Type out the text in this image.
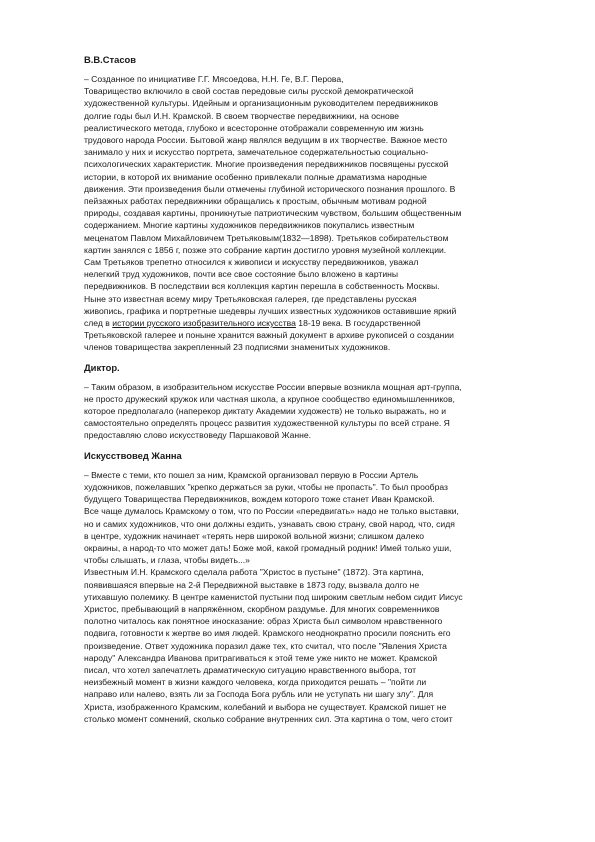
В.В.Стасов
– Созданное по инициативе Г.Г. Мясоедова, Н.Н. Ге, В.Г. Перова,
Товарищество включило в свой состав передовые силы русской демократической
художественной культуры. Идейным и организационным руководителем передвижников
долгие годы был И.Н. Крамской. В своем творчестве передвижники, на основе
реалистического метода, глубоко и всесторонне отображали современную им жизнь
трудового народа России. Бытовой жанр являлся ведущим в их творчестве. Важное место
занимало у них и искусство портрета, замечательное содержательностью социально-
психологических характеристик. Многие произведения передвижников посвящены русской
истории, в которой их внимание особенно привлекали полные драматизма народные
движения. Эти произведения были отмечены глубиной исторического познания прошлого. В
пейзажных работах передвижники обращались к простым, обычным мотивам родной
природы, создавая картины, проникнутые патриотическим чувством, большим общественным
содержанием. Многие картины художников передвижников покупались известным
меценатом Павлом Михайловичем Третьяковым(1832—1898). Третьяков собирательством
картин занялся с 1856 г, позже это собрание картин достигло уровня музейной коллекции.
Сам Третьяков трепетно относился к живописи и искусству передвижников, уважал
нелегкий труд художников, почти все свое состояние было вложено в картины
передвижников. В последствии вся коллекция картин перешла в собственность Москвы.
Ныне это известная всему миру Третьяковская галерея, где представлены русская
живопись, графика и портретные шедевры лучших известных художников оставившие яркий
след в истории русского изобразительного искусства 18-19 века. В государственной
Третьяковской галерее и поныне хранится важный документ в архиве рукописей о создании
членов товарищества закрепленный 23 подписями знаменитых художников.
Диктор.
– Таким образом, в изобразительном искусстве России впервые возникла мощная арт-группа,
не просто дружеский кружок или частная школа, а крупное сообщество единомышленников,
которое предполагало (наперекор диктату Академии художеств) не только выражать, но и
самостоятельно определять процесс развития художественной культуры по всей стране. Я
предоставляю слово искусствоведу Паршаковой Жанне.
Искусствовед Жанна
– Вместе с теми, кто пошел за ним, Крамской организовал первую в России Артель
художников, пожелавших "крепко держаться за руки, чтобы не пропасть". То был прообраз
будущего Товарищества Передвижников, вождем которого тоже станет Иван Крамской.
Все чаще думалось Крамскому о том, что по России «передвигать» надо не только выставки,
но и самих художников, что они должны ездить, узнавать свою страну, свой народ, что, сидя
в центре, художник начинает «терять нерв широкой вольной жизни; слишком далеко
окраины, а народ-то что может дать! Боже мой, какой громадный родник! Имей только уши,
чтобы слышать, и глаза, чтобы видеть...»
Известным И.Н. Крамского сделала работа "Христос в пустыне" (1872). Эта картина,
появившаяся впервые на 2-й Передвижной выставке в 1873 году, вызвала долго не
утихавшую полемику. В центре каменистой пустыни под широким светлым небом сидит Иисус
Христос, пребывающий в напряжённом, скорбном раздумье. Для многих современников
полотно читалось как понятное иносказание: образ Христа был символом нравственного
подвига, готовности к жертве во имя людей. Крамского неоднократно просили пояснить его
произведение. Ответ художника поразил даже тех, кто считал, что после "Явления Христа
народу" Александра Иванова притрагиваться к этой теме уже никто не может. Крамской
писал, что хотел запечатлеть драматическую ситуацию нравственного выбора, тот
неизбежный момент в жизни каждого человека, когда приходится решать – "пойти ли
направо или налево, взять ли за Господа Бога рубль или не уступать ни шагу злу". Для
Христа, изображенного Крамским, колебаний и выбора не существует. Крамской пишет не
столько момент сомнений, сколько собрание внутренних сил. Эта картина о том, чего стоит
